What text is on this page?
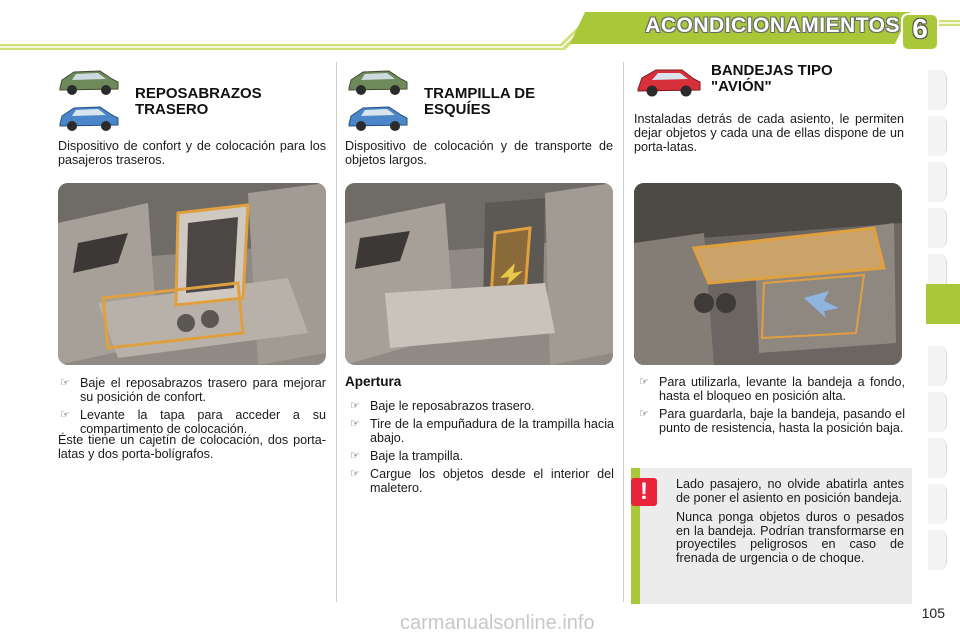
ACONDICIONAMIENTOS 6
REPOSABRAZOS
TRASERO
Dispositivo de confort y de colocación para los pasajeros traseros.
☞ Baje el reposabrazos trasero para mejorar su posición de confort.
☞ Levante la tapa para acceder a su compartimento de colocación.
Éste tiene un cajetín de colocación, dos porta-latas y dos porta-bolígrafos.
TRAMPILLA DE
ESQUÍES
Dispositivo de colocación y de transporte de objetos largos.
Apertura
☞ Baje le reposabrazos trasero.
☞ Tire de la empuñadura de la trampilla hacia abajo.
☞ Baje la trampilla.
☞ Cargue los objetos desde el interior del maletero.
BANDEJAS TIPO
"AVIÓN"
Instaladas detrás de cada asiento, le permiten dejar objetos y cada una de ellas dispone de un porta-latas.
☞ Para utilizarla, levante la bandeja a fondo, hasta el bloqueo en posición alta.
☞ Para guardarla, baje la bandeja, pasando el punto de resistencia, hasta la posición baja.

Lado pasajero, no olvide abatirla antes de poner el asiento en posición bandeja.

Nunca ponga objetos duros o pesados en la bandeja. Podrían transformarse en proyectiles peligrosos en caso de frenada de urgencia o de choque.

!
carmanualsonline.info	105
